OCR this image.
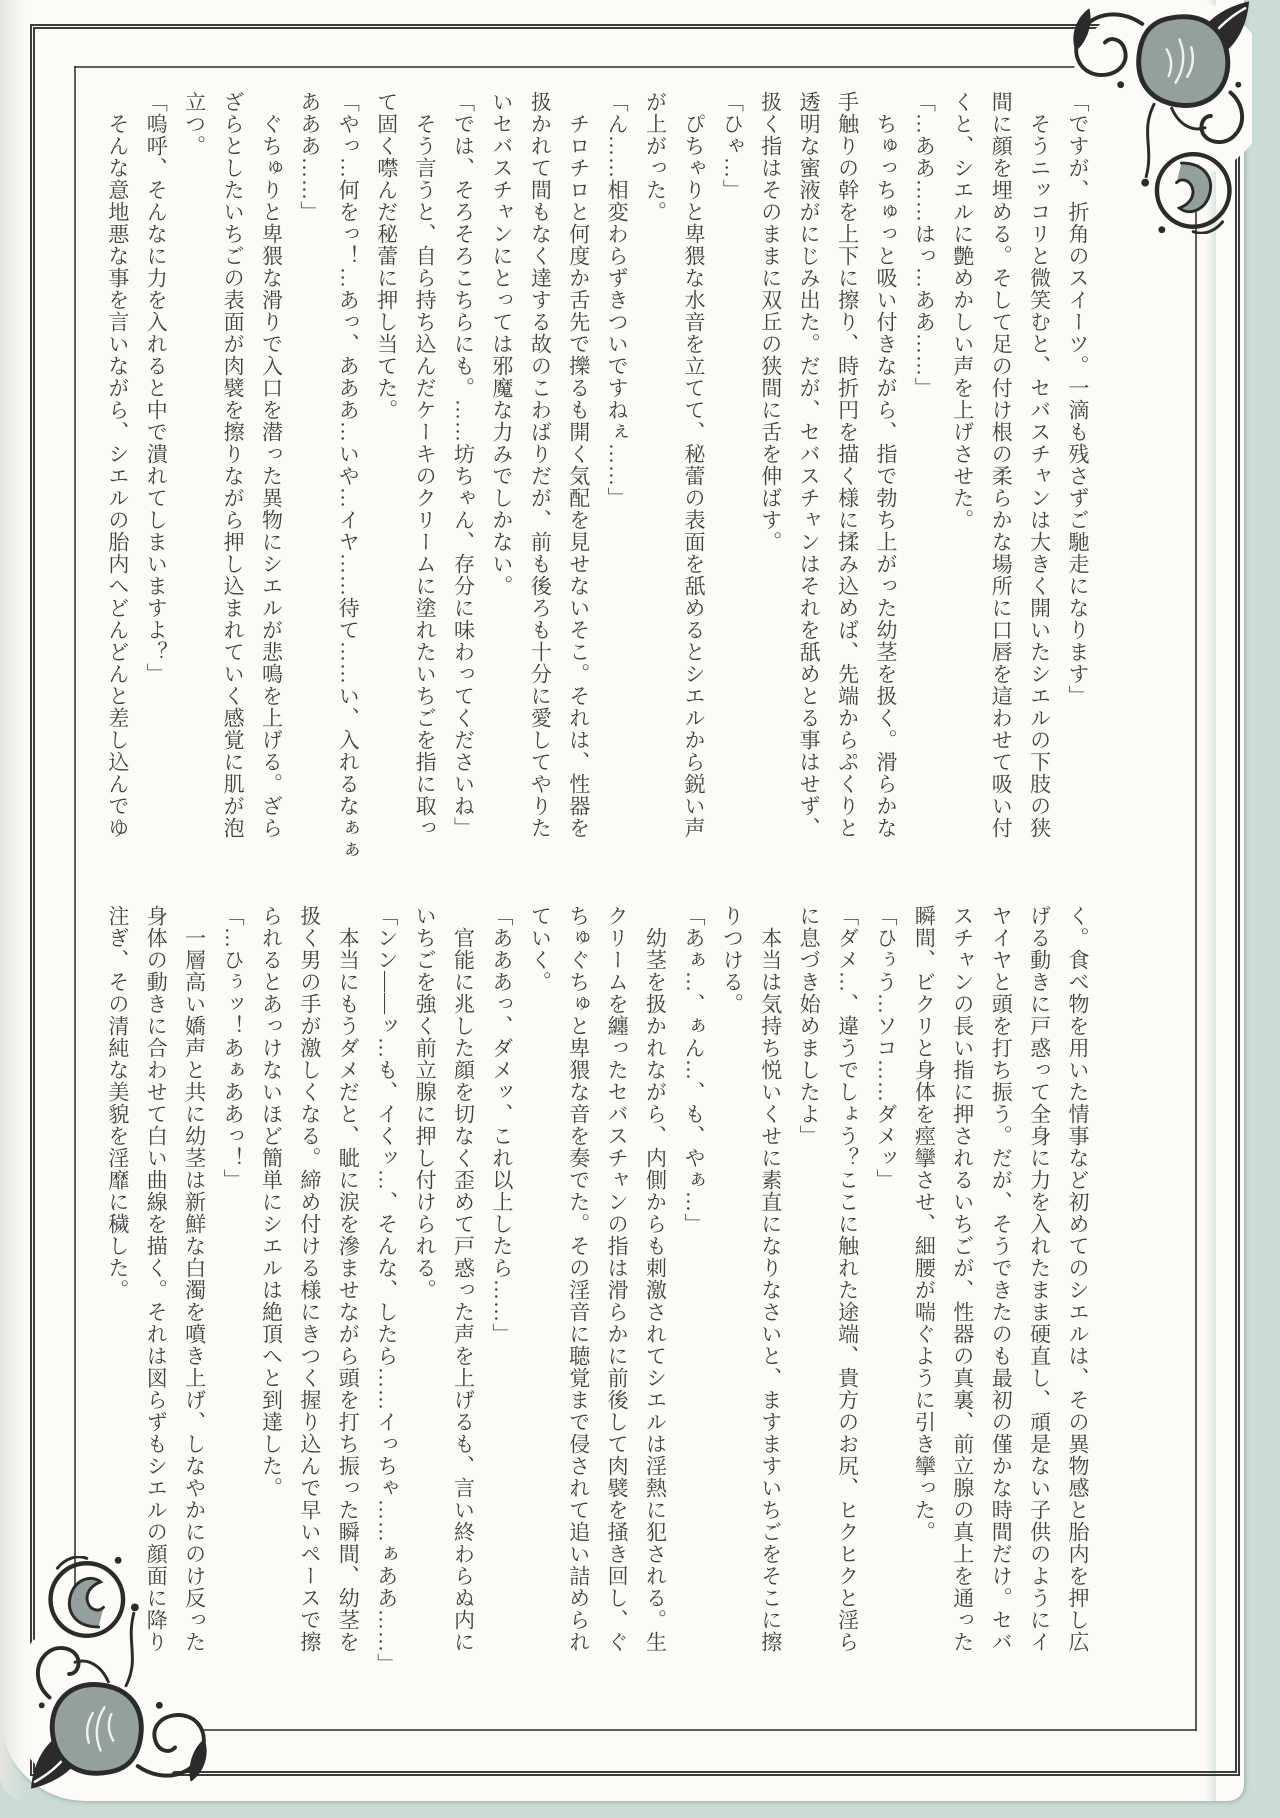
「ですが、折角のスイーツ。一滴も残さずご馳走になります」

　そうニッコリと微笑むと、セバスチャンは大きく開いたシエルの下肢の狭

間に顔を埋める。そして足の付け根の柔らかな場所に口唇を這わせて吸い付

くと、シエルに艶めかしい声を上げさせた。

「…ああ……はっ…ああ……」

　ちゅっちゅっと吸い付きながら、指で勃ち上がった幼茎を扱く。滑らかな

手触りの幹を上下に擦り、時折円を描く様に揉み込めば、先端からぷくりと

透明な蜜液がにじみ出た。だが、セバスチャンはそれを舐めとる事はせず、

扱く指はそのままに双丘の狭間に舌を伸ばす。

「ひゃ…」

　ぴちゃりと卑猥な水音を立てて、秘蕾の表面を舐めるとシエルから鋭い声

が上がった。

「ん……相変わらずきついですねぇ……」

　チロチロと何度か舌先で擽るも開く気配を見せないそこ。それは、性器を

扱かれて間もなく達する故のこわばりだが、前も後ろも十分に愛してやりた

いセバスチャンにとっては邪魔な力みでしかない。

「では、そろそろこちらにも。……坊ちゃん、存分に味わってくださいね」

　そう言うと、自ら持ち込んだケーキのクリームに塗れたいちごを指に取っ

て固く噤んだ秘蕾に押し当てた。

「やっ…何をっ！…あっ、あああ…いや…イヤ……待て……い、入れるなぁぁ

あああ……」

　ぐちゅりと卑猥な滑りで入口を潜った異物にシエルが悲鳴を上げる。ざら

ざらとしたいちごの表面が肉襞を擦りながら押し込まれていく感覚に肌が泡

立つ。

「嗚呼、そんなに力を入れると中で潰れてしまいますよ？」

　そんな意地悪な事を言いながら、シエルの胎内へどんどんと差し込んでゆ

く。食べ物を用いた情事など初めてのシエルは、その異物感と胎内を押し広

げる動きに戸惑って全身に力を入れたまま硬直し、頑是ない子供のようにイ

ヤイヤと頭を打ち振う。だが、そうできたのも最初の僅かな時間だけ。セバ

スチャンの長い指に押されるいちごが、性器の真裏、前立腺の真上を通った

瞬間、ビクリと身体を痙攣させ、細腰が喘ぐように引き攣った。

「ひぅう…ソコ……ダメッ」

「ダメ…、違うでしょう？ここに触れた途端、貴方のお尻、ヒクヒクと淫ら

に息づき始めましたよ」

　本当は気持ち悦いくせに素直になりなさいと、ますますいちごをそこに擦

りつける。

「あぁ…、ぁん…、も、やぁ…」

　幼茎を扱かれながら、内側からも刺激されてシエルは淫熱に犯される。生

クリームを纏ったセバスチャンの指は滑らかに前後して肉襞を掻き回し、ぐ

ちゅぐちゅと卑猥な音を奏でた。その淫音に聴覚まで侵されて追い詰められ

ていく。

「あああっ、ダメッ、これ以上したら……」

　官能に兆した顔を切なく歪めて戸惑った声を上げるも、言い終わらぬ内に

いちごを強く前立腺に押し付けられる。

「ンン――ッ…も、イくッ…、そんな、したら……イっちゃ……ぁああ……」

　本当にもうダメだと、眦に涙を滲ませながら頭を打ち振った瞬間、幼茎を

扱く男の手が激しくなる。締め付ける様にきつく握り込んで早いペースで擦

られるとあっけないほど簡単にシエルは絶頂へと到達した。

「…ひぅッ！あぁああっ！」

　一層高い嬌声と共に幼茎は新鮮な白濁を噴き上げ、しなやかにのけ反った

身体の動きに合わせて白い曲線を描く。それは図らずもシエルの顔面に降り

注ぎ、その清純な美貌を淫靡に穢した。
